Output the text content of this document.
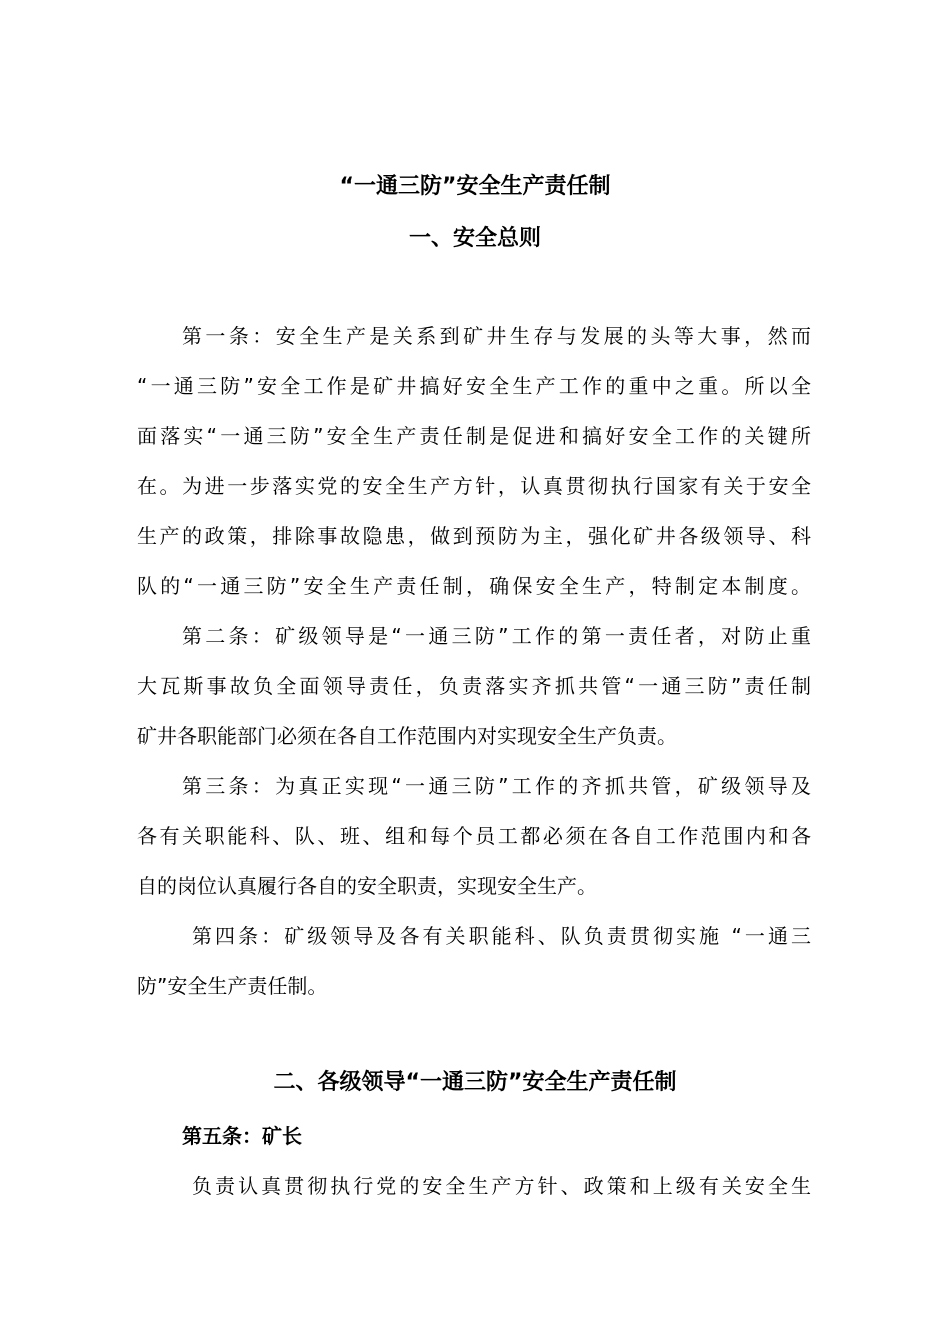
“一通三防”安全生产责任制
一、安全总则
第一条：安全生产是关系到矿井生存与发展的头等大事，然而
“一通三防”安全工作是矿井搞好安全生产工作的重中之重。所以全
面落实“一通三防”安全生产责任制是促进和搞好安全工作的关键所
在。为进一步落实党的安全生产方针，认真贯彻执行国家有关于安全
生产的政策，排除事故隐患，做到预防为主，强化矿井各级领导、科
队的“一通三防”安全生产责任制，确保安全生产，特制定本制度。
第二条：矿级领导是“一通三防”工作的第一责任者，对防止重
大瓦斯事故负全面领导责任，负责落实齐抓共管“一通三防”责任制
矿井各职能部门必须在各自工作范围内对实现安全生产负责。
第三条：为真正实现“一通三防”工作的齐抓共管，矿级领导及
各有关职能科、队、班、组和每个员工都必须在各自工作范围内和各
自的岗位认真履行各自的安全职责，实现安全生产。
第四条：矿级领导及各有关职能科、队负责贯彻实施 “一通三
防”安全生产责任制。
二、各级领导“一通三防”安全生产责任制
第五条：矿长
负责认真贯彻执行党的安全生产方针、政策和上级有关安全生
